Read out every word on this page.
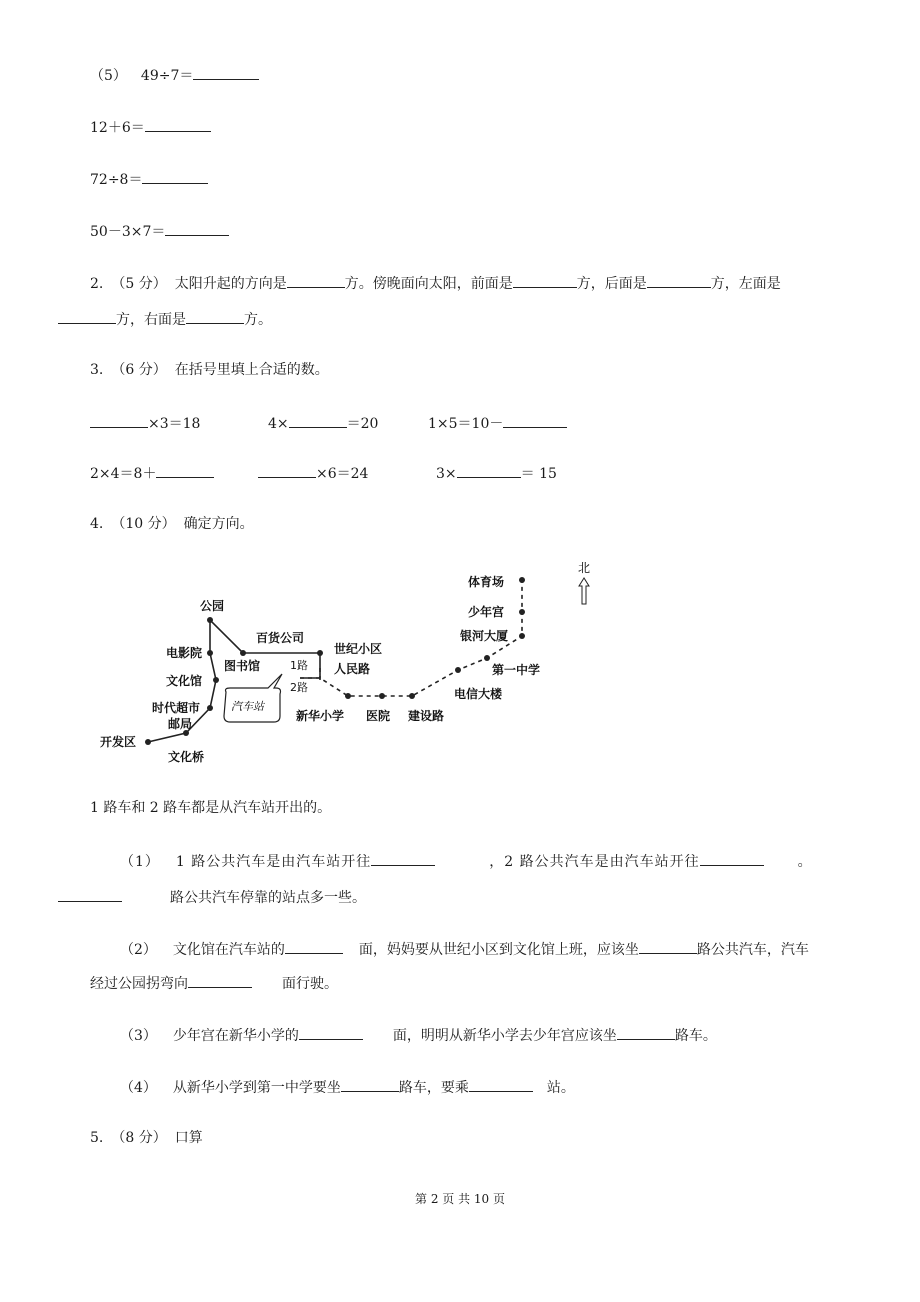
（5） 49÷7＝
12＋6＝
72÷8＝
50－3×7＝
2. （5 分） 太阳升起的方向是	方。傍晚面向太阳，前面是	方，后面是	方，左面是
方，右面是	方。
3. （6 分） 在括号里填上合适的数。
×3＝18	4×	＝20	1×5＝10－
2×4＝8＋	×6＝24	3×	＝ 15
4. （10 分） 确定方向。
汽车站
北
公园
电影院
文化馆
时代超市
邮局
开发区
文化桥
图书馆
百货公司
世纪小区
人民路
新华小学 医院 建设路
电信大楼
第一中学
银河大厦
少年宫
体育场
1路
2路
1 路车和 2 路车都是从汽车站开出的。
（1） 1 路公共汽车是由汽车站开往	，2 路公共汽车是由汽车站开往	。
路公共汽车停靠的站点多一些。
（2） 文化馆在汽车站的	面，妈妈要从世纪小区到文化馆上班，应该坐	路公共汽车，汽车
经过公园拐弯向	面行驶。
（3） 少年宫在新华小学的	面，明明从新华小学去少年宫应该坐	路车。
（4） 从新华小学到第一中学要坐	路车，要乘	站。
5. （8 分） 口算
第 2 页 共 10 页
